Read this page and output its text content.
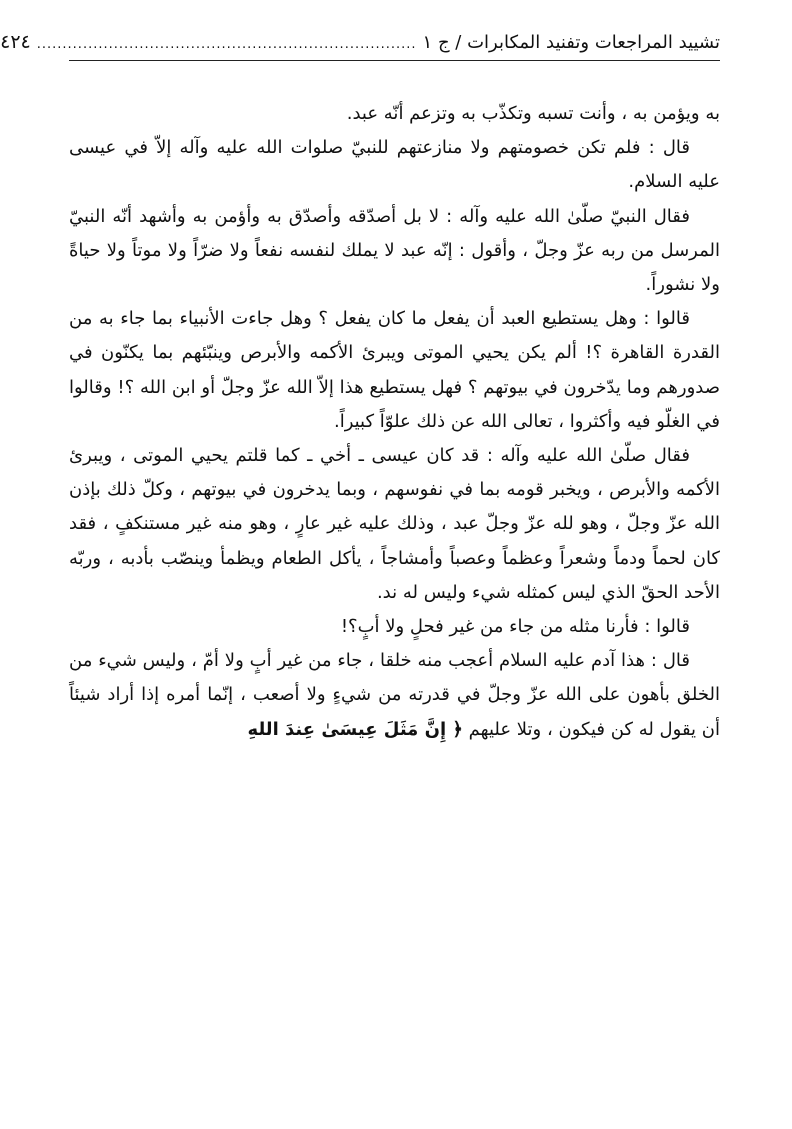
تشييد المراجعات وتفنيد المكابرات / ج ١
..........................................................................
٤٢٤

به ويؤمن به ، وأنت تسبه وتكذّب به وتزعم أنّه عبد.

قال : فلم تكن خصومتهم ولا منازعتهم للنبيّ صلوات الله عليه وآله إلاّ في عيسى عليه السلام.

فقال النبيّ صلّىٰ الله عليه وآله : لا بل أصدّقه وأصدّق به وأؤمن به وأشهد أنّه النبيّ المرسل من ربه عزّ وجلّ ، وأقول : إنّه عبد لا يملك لنفسه نفعاً ولا ضرّاً ولا موتاً ولا حياةً ولا نشوراً.

قالوا : وهل يستطيع العبد أن يفعل ما كان يفعل ؟ وهل جاءت الأنبياء بما جاء به من القدرة القاهرة ؟! ألم يكن يحيي الموتى ويبرئ الأكمه والأبرص وينبّئهم بما يكنّون في صدورهم وما يدّخرون في بيوتهم ؟ فهل يستطيع هذا إلاّ الله عزّ وجلّ أو ابن الله ؟! وقالوا في الغلّو فيه وأكثروا ، تعالى الله عن ذلك علوّاً كبيراً.

فقال صلّىٰ الله عليه وآله : قد كان عيسى ـ أخي ـ كما قلتم يحيي الموتى ، ويبرئ الأكمه والأبرص ، ويخبر قومه بما في نفوسهم ، وبما يدخرون في بيوتهم ، وكلّ ذلك بإذن الله عزّ وجلّ ، وهو لله عزّ وجلّ عبد ، وذلك عليه غير عارٍ ، وهو منه غير مستنكفٍ ، فقد كان لحماً ودماً وشعراً وعظماً وعصباً وأمشاجاً ، يأكل الطعام ويظمأ وينصّب بأدبه ، وربّه الأحد الحقّ الذي ليس كمثله شيء وليس له ند.

قالوا : فأرنا مثله من جاء من غير فحلٍ ولا أبٍ؟!

قال : هذا آدم عليه السلام أعجب منه خلقا ، جاء من غير أبٍ ولا أمّ ، وليس شيء من الخلق بأهون على الله عزّ وجلّ في قدرته من شيءٍ ولا أصعب ، إنّما أمره إذا أراد شيئاً أن يقول له كن فيكون ، وتلا عليهم ﴿ إِنَّ مَثَلَ عِيسَىٰ عِندَ اللهِ
